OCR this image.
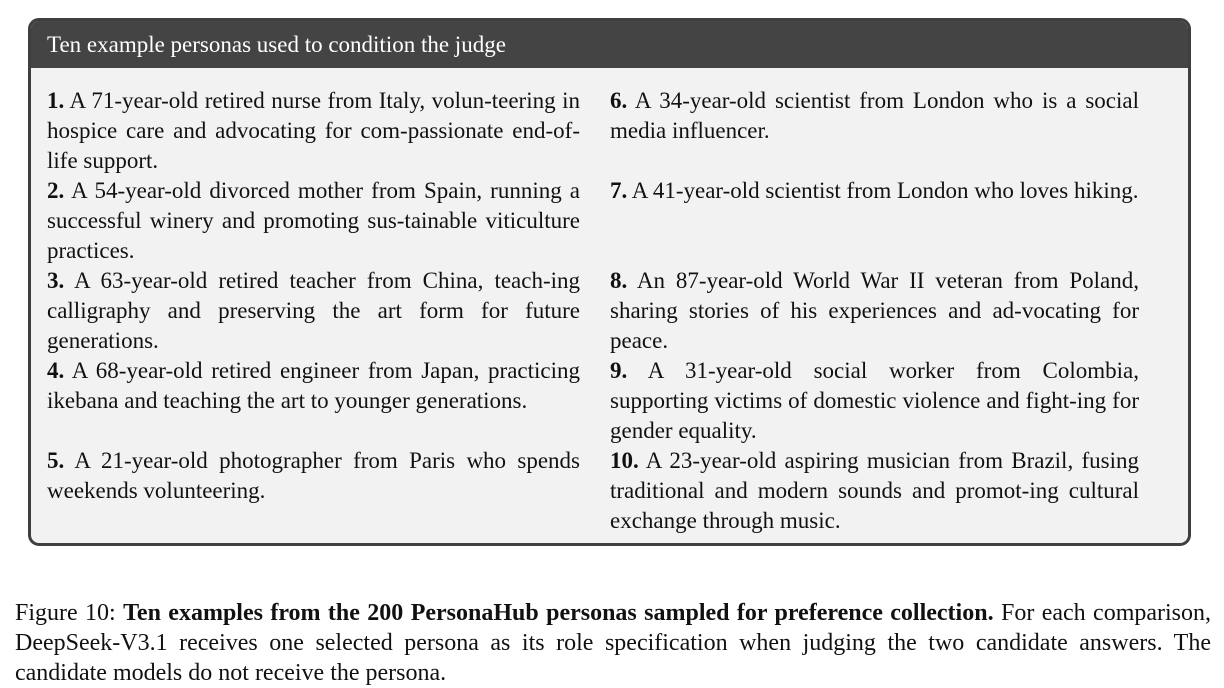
Ten example personas used to condition the judge

1. A 71-year-old retired nurse from Italy, volun-teering in hospice care and advocating for com-passionate end-of-life support.

2. A 54-year-old divorced mother from Spain, running a successful winery and promoting sus-tainable viticulture practices.

3. A 63-year-old retired teacher from China, teach-ing calligraphy and preserving the art form for future generations.

4. A 68-year-old retired engineer from Japan, practicing ikebana and teaching the art to younger generations.

5. A 21-year-old photographer from Paris who spends weekends volunteering.

6. A 34-year-old scientist from London who is a social media influencer.

7. A 41-year-old scientist from London who loves hiking.

8. An 87-year-old World War II veteran from Poland, sharing stories of his experiences and ad-vocating for peace.

9. A 31-year-old social worker from Colombia, supporting victims of domestic violence and fight-ing for gender equality.

10. A 23-year-old aspiring musician from Brazil, fusing traditional and modern sounds and promot-ing cultural exchange through music.

Figure 10: Ten examples from the 200 PersonaHub personas sampled for preference collection. For each comparison, DeepSeek-V3.1 receives one selected persona as its role specification when judging the two candidate answers. The candidate models do not receive the persona.
